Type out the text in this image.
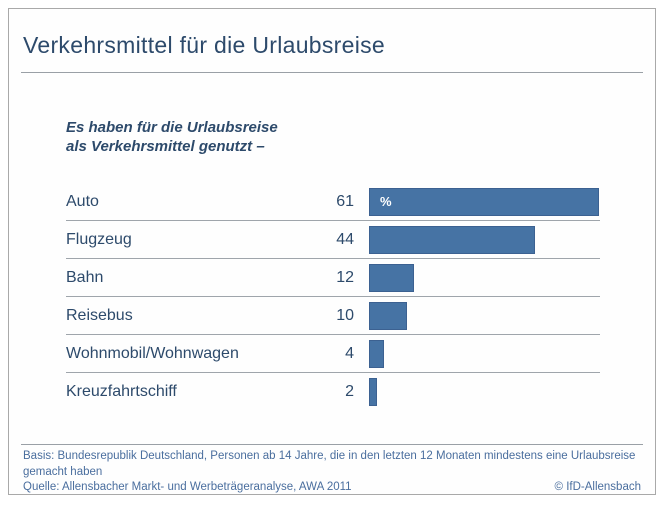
Verkehrsmittel für die Urlaubsreise
Es haben für die Urlaubsreise
als Verkehrsmittel genutzt –
Auto	61	%
Flugzeug	44
Bahn	12
Reisebus	10
Wohnmobil/Wohnwagen	4
Kreuzfahrtschiff	2
Basis: Bundesrepublik Deutschland, Personen ab 14 Jahre, die in den letzten 12 Monaten mindestens eine Urlaubsreise gemacht haben
Quelle: Allensbacher Markt- und Werbeträgeranalyse, AWA 2011	© IfD-Allensbach
